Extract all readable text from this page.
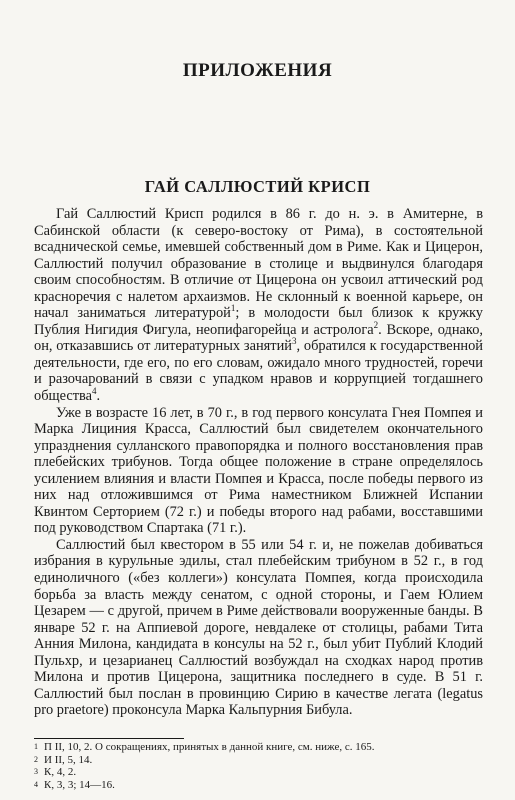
ПРИЛОЖЕНИЯ
ГАЙ САЛЛЮСТИЙ КРИСП

Гай Саллюстий Крисп родился в 86 г. до н. э. в Амитерне, в Сабинской области (к северо-востоку от Рима), в состоятельной всаднической семье, имевшей собственный дом в Риме. Как и Цицерон, Саллюстий получил образование в столице и выдвинулся благодаря своим способностям. В отличие от Цицерона он усвоил аттический род красноречия с налетом архаизмов. Не склонный к военной карьере, он начал заниматься литературой$^1$; в молодости был близок к кружку Публия Нигидия Фигула, неопифагорейца и астролога$^2$. Вскоре, однако, он, отказавшись от литературных занятий$^3$, обратился к государственной деятельности, где его, по его словам, ожидало много трудностей, горечи и разочарований в связи с упадком нравов и коррупцией тогдашнего общества$^4$.

Уже в возрасте 16 лет, в 70 г., в год первого консулата Гнея Помпея и Марка Лициния Красса, Саллюстий был свидетелем окончательного упразднения сулланского правопорядка и полного восстановления прав плебейских трибунов. Тогда общее положение в стране определялось усилением влияния и власти Помпея и Красса, после победы первого из них над отложившимся от Рима наместником Ближней Испании Квинтом Серторием (72 г.) и победы второго над рабами, восставшими под руководством Спартака (71 г.).

Саллюстий был квестором в 55 или 54 г. и, не пожелав добиваться избрания в курульные эдилы, стал плебейским трибуном в 52 г., в год единоличного («без коллеги») консулата Помпея, когда происходила борьба за власть между сенатом, с одной стороны, и Гаем Юлием Цезарем — с другой, причем в Риме действовали вооруженные банды. В январе 52 г. на Аппиевой дороге, невдалеке от столицы, рабами Тита Анния Милона, кандидата в консулы на 52 г., был убит Публий Клодий Пульхр, и цезарианец Саллюстий возбуждал на сходках народ против Милона и против Цицерона, защитника последнего в суде. В 51 г. Саллюстий был послан в провинцию Сирию в качестве легата (legatus pro praetore) проконсула Марка Кальпурния Бибула.

1 П II, 10, 2. О сокращениях, принятых в данной книге, см. ниже, с. 165.
2 И II, 5, 14.
3 К, 4, 2.
4 К, 3, 3; 14—16.
